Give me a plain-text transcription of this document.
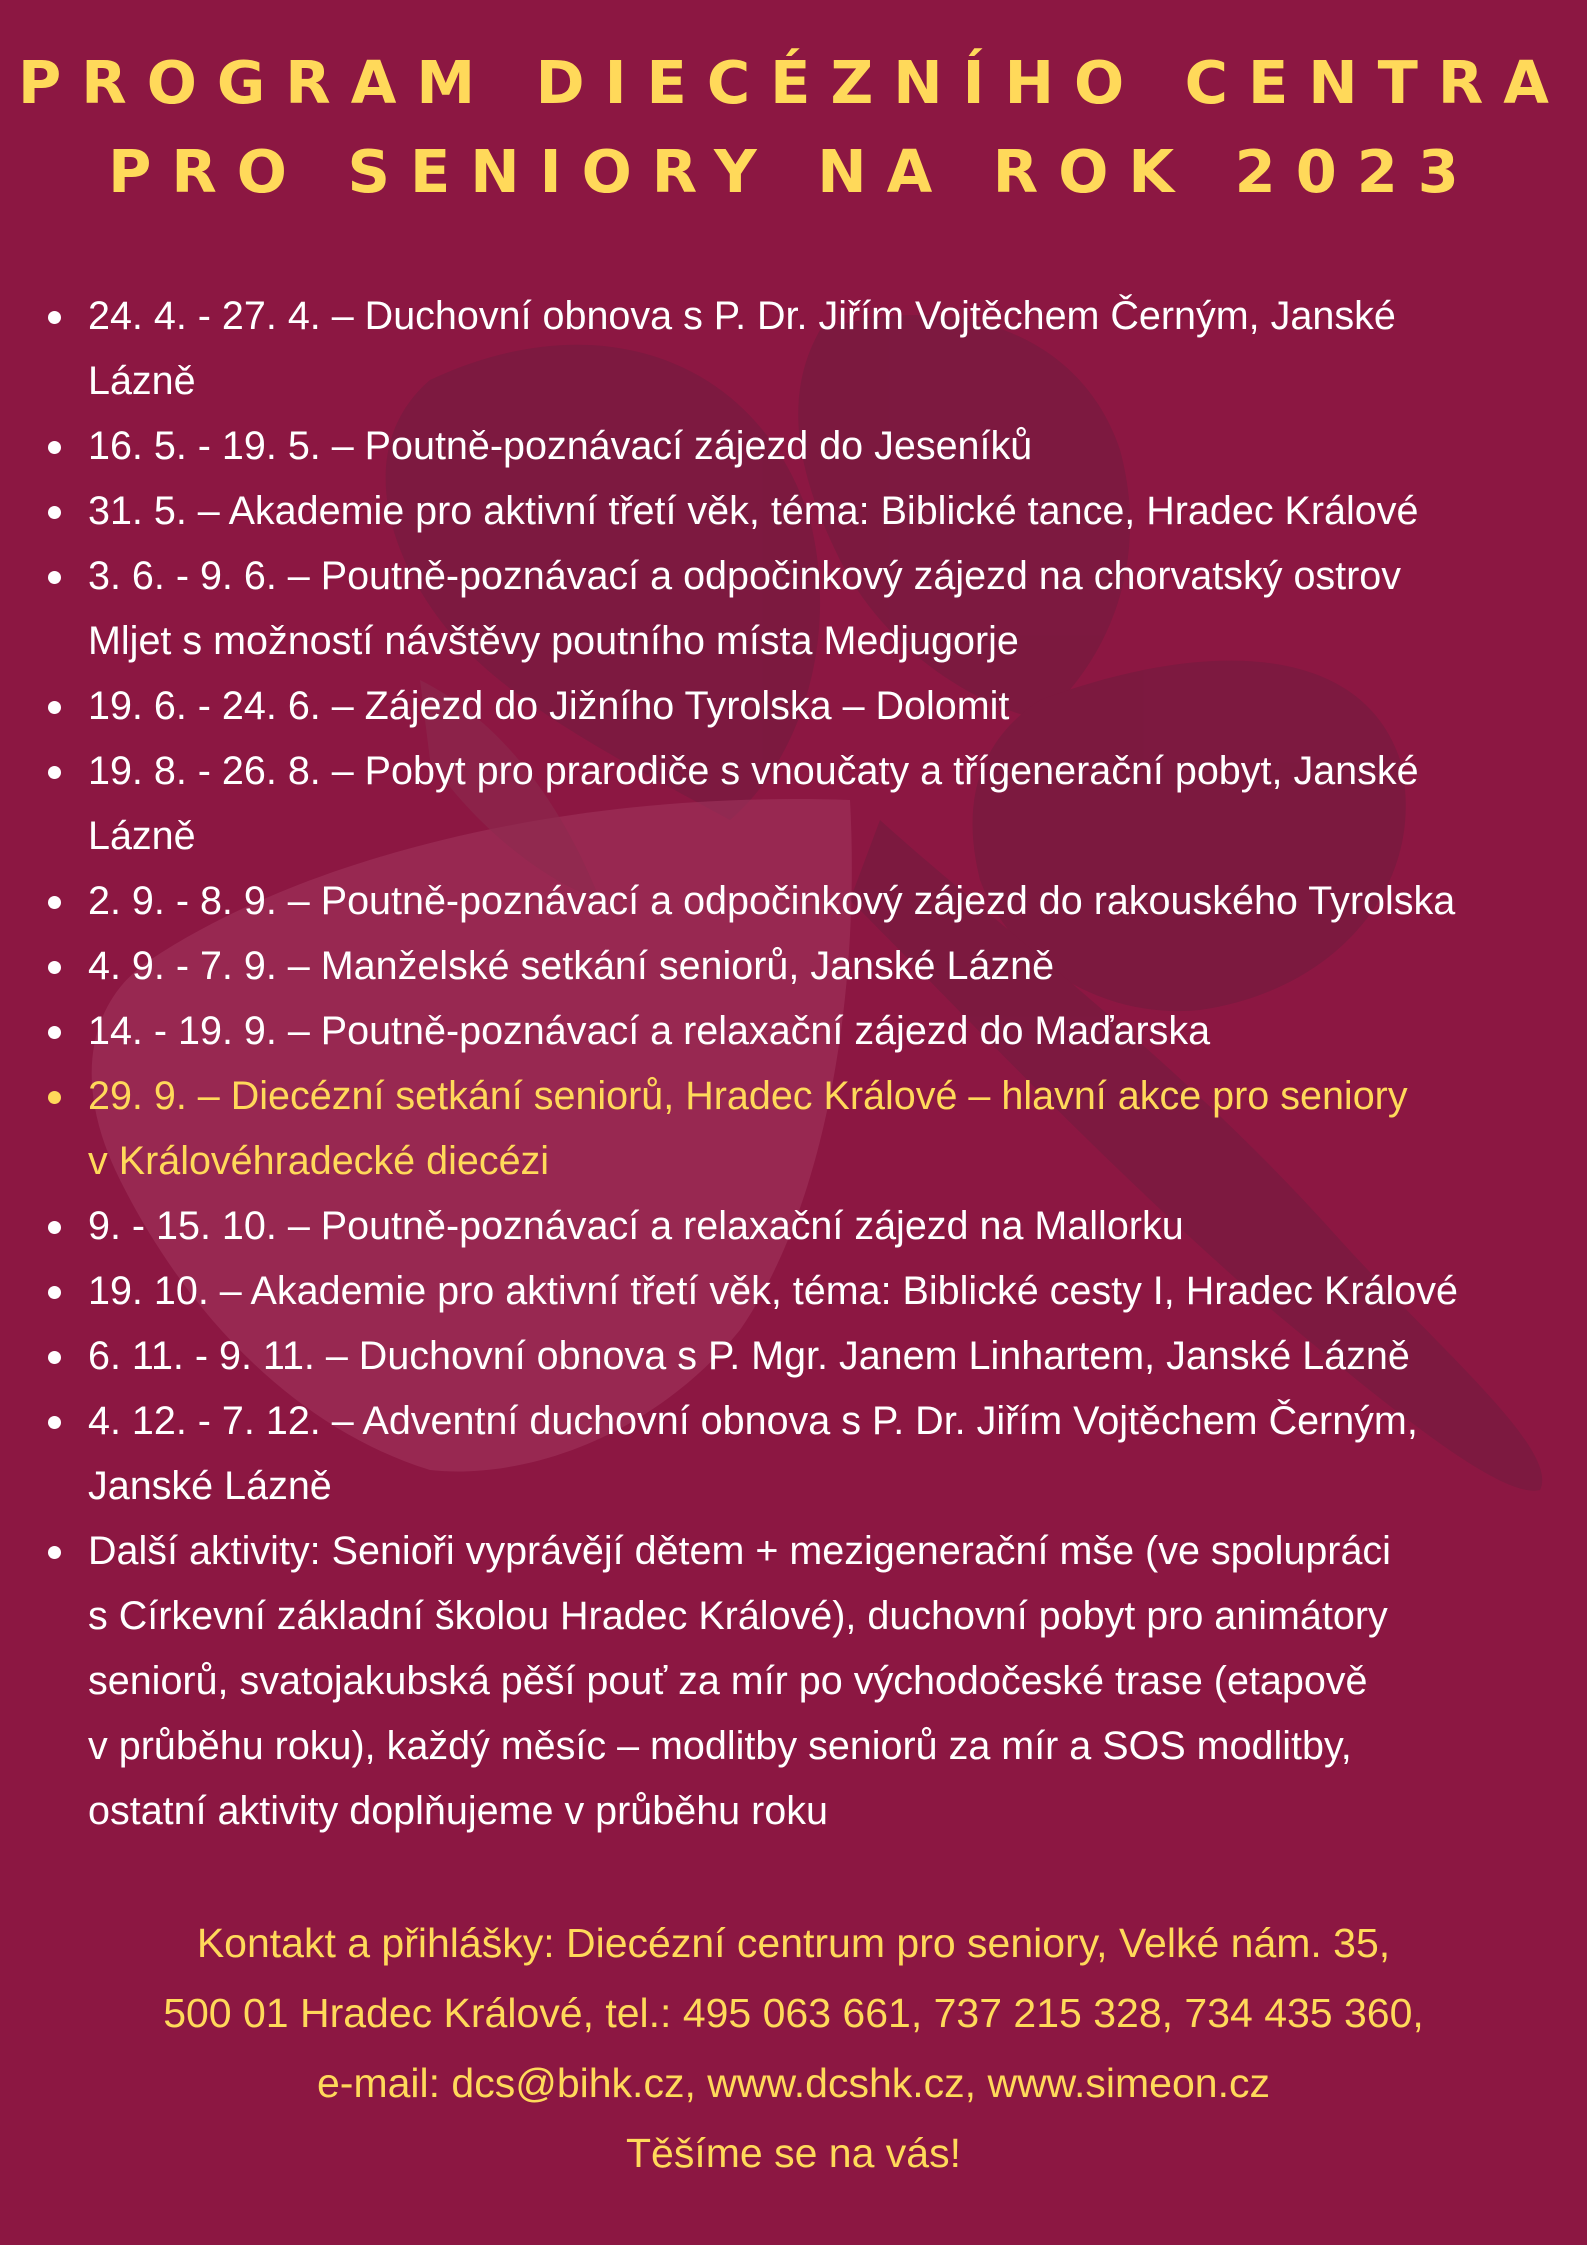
PROGRAM DIECÉZNÍHO CENTRA
PRO SENIORY NA ROK 2023
24. 4. - 27. 4. – Duchovní obnova s P. Dr. Jiřím Vojtěchem Černým, Janské
Lázně
16. 5. - 19. 5. – Poutně-poznávací zájezd do Jeseníků
31. 5. – Akademie pro aktivní třetí věk, téma: Biblické tance, Hradec Králové
3. 6. - 9. 6. – Poutně-poznávací a odpočinkový zájezd na chorvatský ostrov
Mljet s možností návštěvy poutního místa Medjugorje
19. 6. - 24. 6. – Zájezd do Jižního Tyrolska – Dolomit
19. 8. - 26. 8. – Pobyt pro prarodiče s vnoučaty a třígenerační pobyt, Janské
Lázně
2. 9. - 8. 9. – Poutně-poznávací a odpočinkový zájezd do rakouského Tyrolska
4. 9. - 7. 9. – Manželské setkání seniorů, Janské Lázně
14. - 19. 9. – Poutně-poznávací a relaxační zájezd do Maďarska
29. 9. – Diecézní setkání seniorů, Hradec Králové – hlavní akce pro seniory
v Královéhradecké diecézi
9. - 15. 10. – Poutně-poznávací a relaxační zájezd na Mallorku
19. 10. – Akademie pro aktivní třetí věk, téma: Biblické cesty I, Hradec Králové
6. 11. - 9. 11. – Duchovní obnova s P. Mgr. Janem Linhartem, Janské Lázně
4. 12. - 7. 12. – Adventní duchovní obnova s P. Dr. Jiřím Vojtěchem Černým,
Janské Lázně
Další aktivity: Senioři vyprávějí dětem + mezigenerační mše (ve spolupráci
s Církevní základní školou Hradec Králové), duchovní pobyt pro animátory
seniorů, svatojakubská pěší pouť za mír po východočeské trase (etapově
v průběhu roku), každý měsíc – modlitby seniorů za mír a SOS modlitby,
ostatní aktivity doplňujeme v průběhu roku
Kontakt a přihlášky: Diecézní centrum pro seniory, Velké nám. 35,
500 01 Hradec Králové, tel.: 495 063 661, 737 215 328, 734 435 360,
e-mail: dcs@bihk.cz, www.dcshk.cz, www.simeon.cz
Těšíme se na vás!
